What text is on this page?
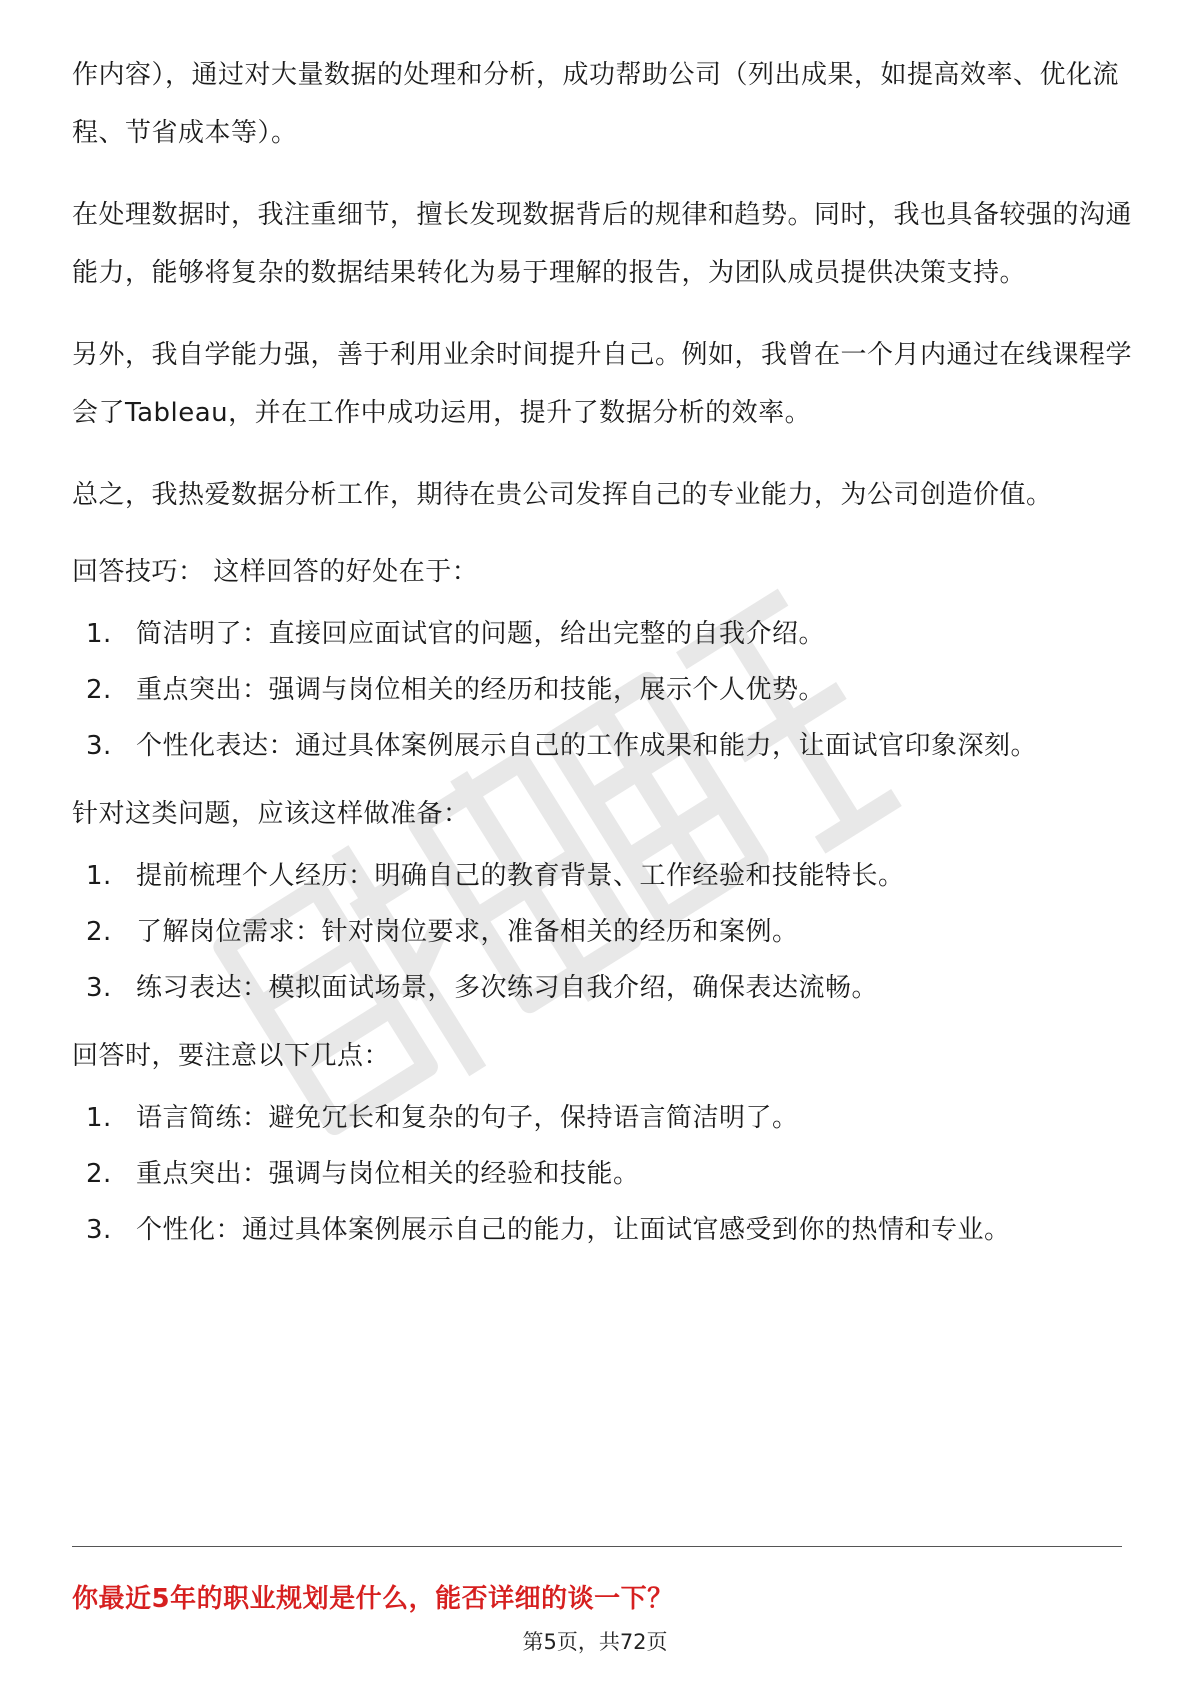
作内容），通过对大量数据的处理和分析，成功帮助公司（列出成果，如提高效率、优化流程、节省成本等）。

在处理数据时，我注重细节，擅长发现数据背后的规律和趋势。同时，我也具备较强的沟通能力，能够将复杂的数据结果转化为易于理解的报告，为团队成员提供决策支持。

另外，我自学能力强，善于利用业余时间提升自己。例如，我曾在一个月内通过在线课程学会了Tableau，并在工作中成功运用，提升了数据分析的效率。

总之，我热爱数据分析工作，期待在贵公司发挥自己的专业能力，为公司创造价值。

回答技巧： 这样回答的好处在于：

1. 简洁明了：直接回应面试官的问题，给出完整的自我介绍。
2. 重点突出：强调与岗位相关的经历和技能，展示个人优势。
3. 个性化表达：通过具体案例展示自己的工作成果和能力，让面试官印象深刻。

针对这类问题，应该这样做准备：

1. 提前梳理个人经历：明确自己的教育背景、工作经验和技能特长。
2. 了解岗位需求：针对岗位要求，准备相关的经历和案例。
3. 练习表达：模拟面试场景，多次练习自我介绍，确保表达流畅。

回答时，要注意以下几点：

1. 语言简练：避免冗长和复杂的句子，保持语言简洁明了。
2. 重点突出：强调与岗位相关的经验和技能。
3. 个性化：通过具体案例展示自己的能力，让面试官感受到你的热情和专业。
你最近5年的职业规划是什么，能否详细的谈一下？
第5页，共72页
